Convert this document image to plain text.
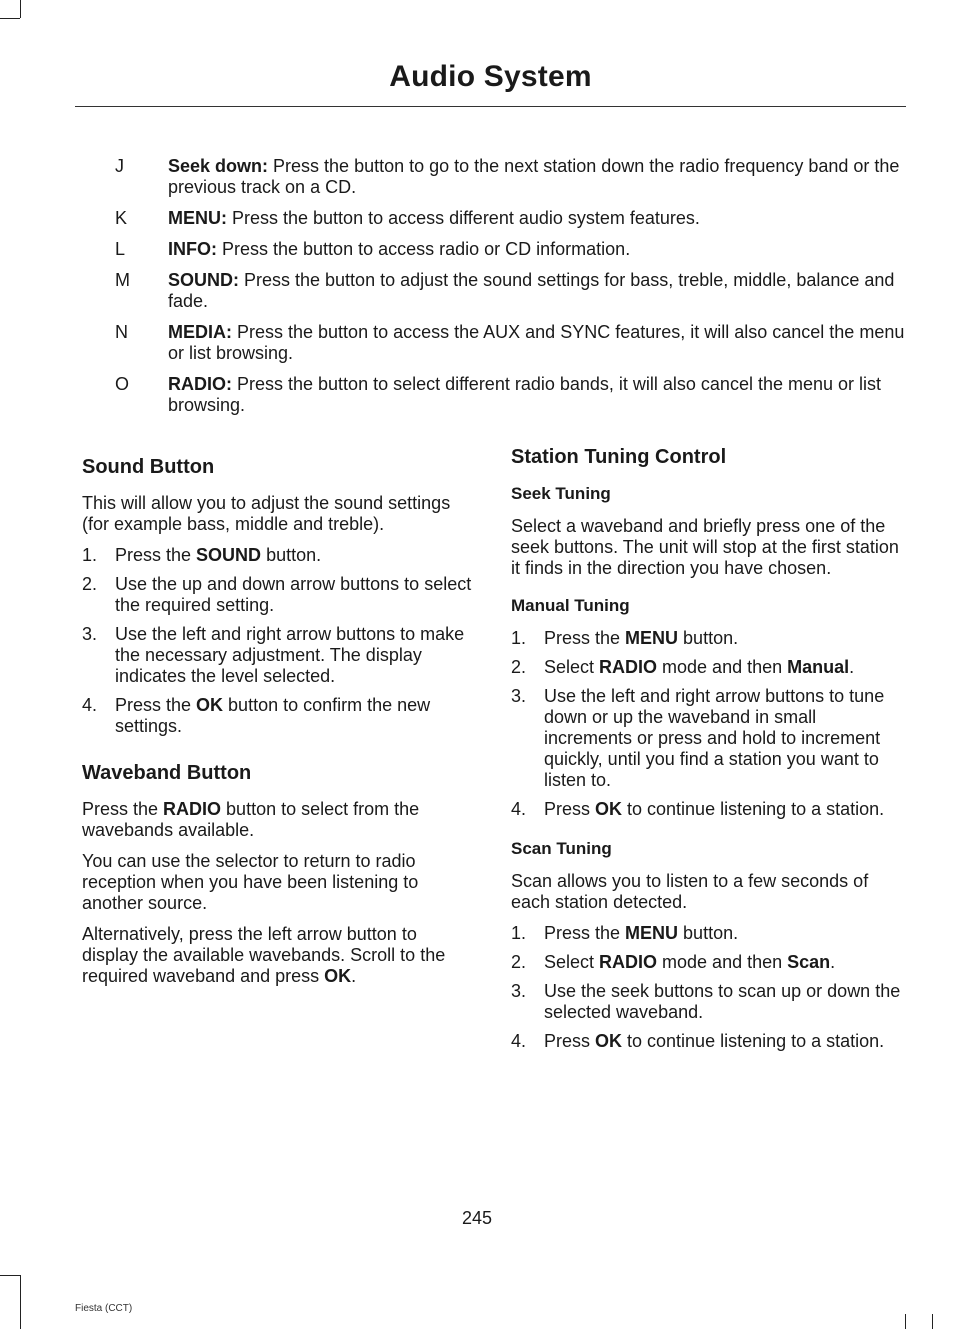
Audio System
J	Seek down: Press the button to go to the next station down the radio frequency band or the previous track on a CD.
K	MENU: Press the button to access different audio system features.
L	INFO: Press the button to access radio or CD information.
M	SOUND: Press the button to adjust the sound settings for bass, treble, middle, balance and fade.
N	MEDIA: Press the button to access the AUX and SYNC features, it will also cancel the menu or list browsing.
O	RADIO: Press the button to select different radio bands, it will also cancel the menu or list browsing.
Sound Button

This will allow you to adjust the sound settings (for example bass, middle and treble).

1. Press the SOUND button.
2. Use the up and down arrow buttons to select the required setting.
3. Use the left and right arrow buttons to make the necessary adjustment. The display indicates the level selected.
4. Press the OK button to confirm the new settings.
Waveband Button

Press the RADIO button to select from the wavebands available.

You can use the selector to return to radio reception when you have been listening to another source.

Alternatively, press the left arrow button to display the available wavebands. Scroll to the required waveband and press OK.

Station Tuning Control
Seek Tuning

Select a waveband and briefly press one of the seek buttons. The unit will stop at the first station it finds in the direction you have chosen.

Manual Tuning
1. Press the MENU button.
2. Select RADIO mode and then Manual.
3. Use the left and right arrow buttons to tune down or up the waveband in small increments or press and hold to increment quickly, until you find a station you want to listen to.
4. Press OK to continue listening to a station.
Scan Tuning

Scan allows you to listen to a few seconds of each station detected.

1. Press the MENU button.
2. Select RADIO mode and then Scan.
3. Use the seek buttons to scan up or down the selected waveband.
4. Press OK to continue listening to a station.
245
Fiesta (CCT)
